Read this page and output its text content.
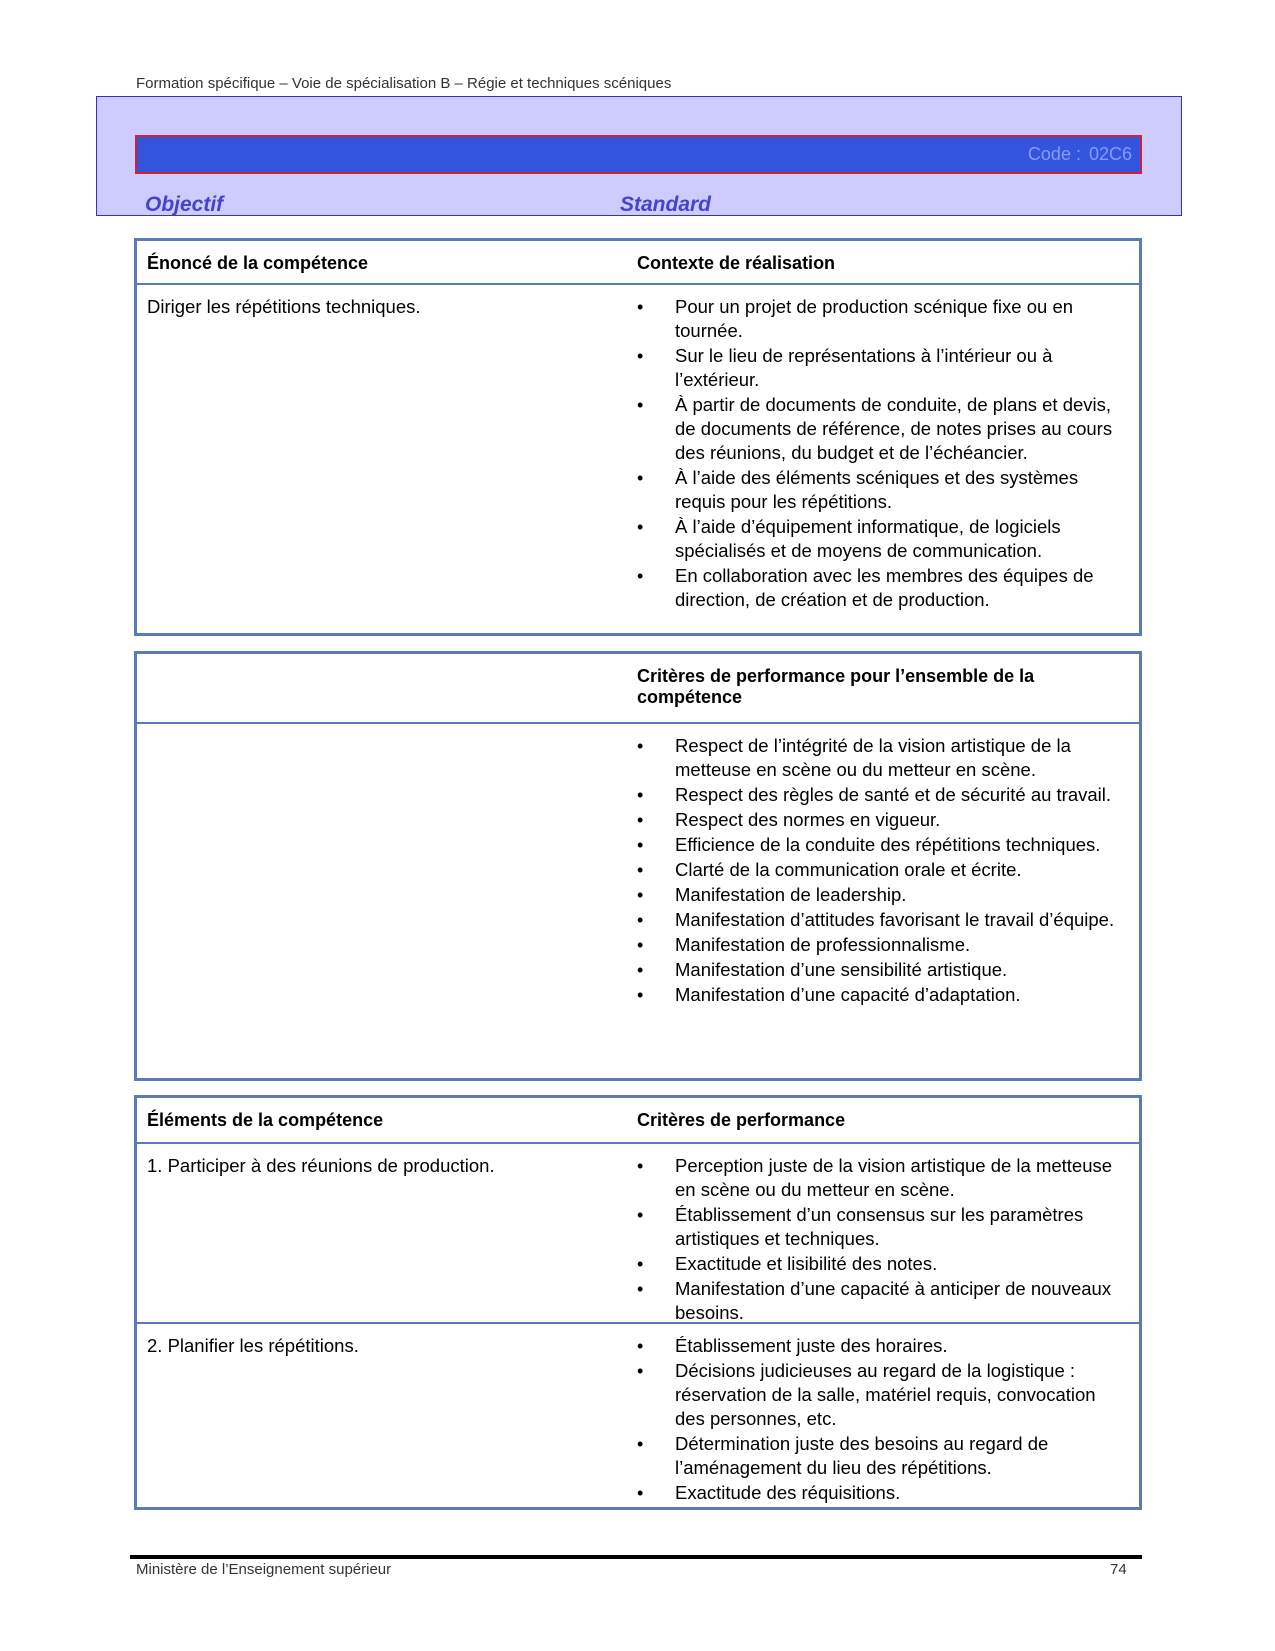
Formation spécifique – Voie de spécialisation B – Régie et techniques scéniques
Code : 02C6
Objectif	Standard
Énoncé de la compétence	Contexte de réalisation
Diriger les répétitions techniques.	• Pour un projet de production scénique fixe ou en tournée.
• Sur le lieu de représentations à l’intérieur ou à l’extérieur.
• À partir de documents de conduite, de plans et devis, de documents de référence, de notes prises au cours des réunions, du budget et de l’échéancier.
• À l’aide des éléments scéniques et des systèmes requis pour les répétitions.
• À l’aide d’équipement informatique, de logiciels spécialisés et de moyens de communication.
• En collaboration avec les membres des équipes de direction, de création et de production.
Critères de performance pour l’ensemble de la compétence
• Respect de l’intégrité de la vision artistique de la metteuse en scène ou du metteur en scène.
• Respect des règles de santé et de sécurité au travail.
• Respect des normes en vigueur.
• Efficience de la conduite des répétitions techniques.
• Clarté de la communication orale et écrite.
• Manifestation de leadership.
• Manifestation d’attitudes favorisant le travail d’équipe.
• Manifestation de professionnalisme.
• Manifestation d’une sensibilité artistique.
• Manifestation d’une capacité d’adaptation.
Éléments de la compétence	Critères de performance
1. Participer à des réunions de production.	• Perception juste de la vision artistique de la metteuse en scène ou du metteur en scène.
• Établissement d’un consensus sur les paramètres artistiques et techniques.
• Exactitude et lisibilité des notes.
• Manifestation d’une capacité à anticiper de nouveaux besoins.
2. Planifier les répétitions.	• Établissement juste des horaires.
• Décisions judicieuses au regard de la logistique : réservation de la salle, matériel requis, convocation des personnes, etc.
• Détermination juste des besoins au regard de l’aménagement du lieu des répétitions.
• Exactitude des réquisitions.
Ministère de l’Enseignement supérieur	74
